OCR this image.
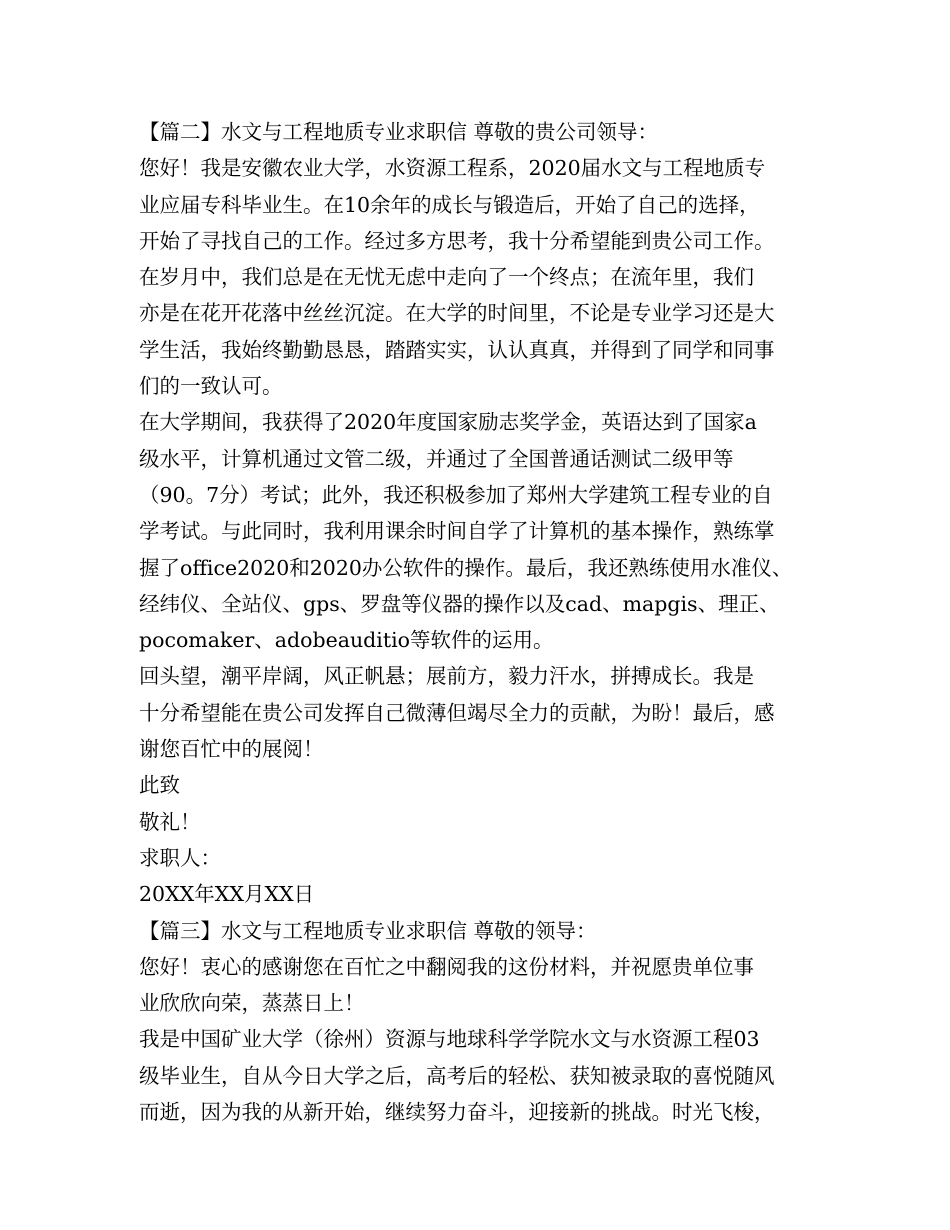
【篇二】水文与工程地质专业求职信 尊敬的贵公司领导：
您好！我是安徽农业大学，水资源工程系，2020届水文与工程地质专
业应届专科毕业生。在10余年的成长与锻造后，开始了自己的选择，
开始了寻找自己的工作。经过多方思考，我十分希望能到贵公司工作。
在岁月中，我们总是在无忧无虑中走向了一个终点；在流年里，我们
亦是在花开花落中丝丝沉淀。在大学的时间里，不论是专业学习还是大
学生活，我始终勤勤恳恳，踏踏实实，认认真真，并得到了同学和同事
们的一致认可。
在大学期间，我获得了2020年度国家励志奖学金，英语达到了国家a
级水平，计算机通过文管二级，并通过了全国普通话测试二级甲等
（90。7分）考试；此外，我还积极参加了郑州大学建筑工程专业的自
学考试。与此同时，我利用课余时间自学了计算机的基本操作，熟练掌
握了office2020和2020办公软件的操作。最后，我还熟练使用水准仪、
经纬仪、全站仪、gps、罗盘等仪器的操作以及cad、mapgis、理正、
pocomaker、adobeauditio等软件的运用。
回头望，潮平岸阔，风正帆悬；展前方，毅力汗水，拼搏成长。我是
十分希望能在贵公司发挥自己微薄但竭尽全力的贡献，为盼！最后，感
谢您百忙中的展阅！
此致
敬礼！
求职人：
20XX年XX月XX日
【篇三】水文与工程地质专业求职信 尊敬的领导：
您好！衷心的感谢您在百忙之中翻阅我的这份材料，并祝愿贵单位事
业欣欣向荣，蒸蒸日上！
我是中国矿业大学（徐州）资源与地球科学学院水文与水资源工程03
级毕业生，自从今日大学之后，高考后的轻松、获知被录取的喜悦随风
而逝，因为我的从新开始，继续努力奋斗，迎接新的挑战。时光飞梭，
